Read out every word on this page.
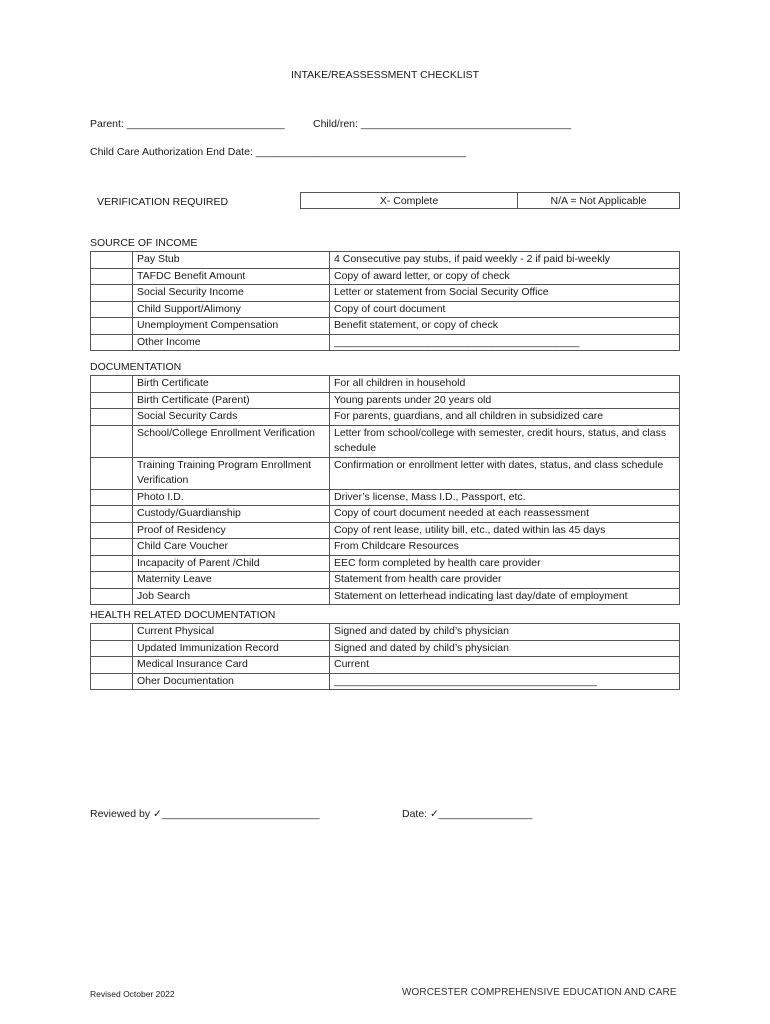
INTAKE/REASSESSMENT CHECKLIST
Parent: ___________________________	Child/ren: ____________________________________
Child Care Authorization End Date: ____________________________________
VERIFICATION REQUIRED	X- Complete	N/A = Not Applicable
SOURCE OF INCOME
	Pay Stub	4 Consecutive pay stubs, if paid weekly - 2 if paid bi-weekly
	TAFDC Benefit Amount	Copy of award letter, or copy of check
	Social Security Income	Letter or statement from Social Security Office
	Child Support/Alimony	Copy of court document
	Unemployment Compensation	Benefit statement, or copy of check
	Other Income	__________________________________________
DOCUMENTATION
	Birth Certificate	For all children in household
	Birth Certificate (Parent)	Young parents under 20 years old
	Social Security Cards	For parents, guardians, and all children in subsidized care
	School/College Enrollment Verification	Letter from school/college with semester, credit hours, status, and class schedule
	Training Training Program Enrollment Verification	Confirmation or enrollment letter with dates, status, and class schedule
	Photo I.D.	Driver’s license, Mass I.D., Passport, etc.
	Custody/Guardianship	Copy of court document needed at each reassessment
	Proof of Residency	Copy of rent lease, utility bill, etc., dated within las 45 days
	Child Care Voucher	From Childcare Resources
	Incapacity of Parent /Child	EEC form completed by health care provider
	Maternity Leave	Statement from health care provider
	Job Search	Statement on letterhead indicating last day/date of employment
HEALTH RELATED DOCUMENTATION
	Current Physical	Signed and dated by child’s physician
	Updated Immunization Record	Signed and dated by child’s physician
	Medical Insurance Card	Current
	Oher Documentation	_____________________________________________
Reviewed by ✓___________________________	Date: ✓________________
Revised October 2022	WORCESTER COMPREHENSIVE EDUCATION AND CARE
